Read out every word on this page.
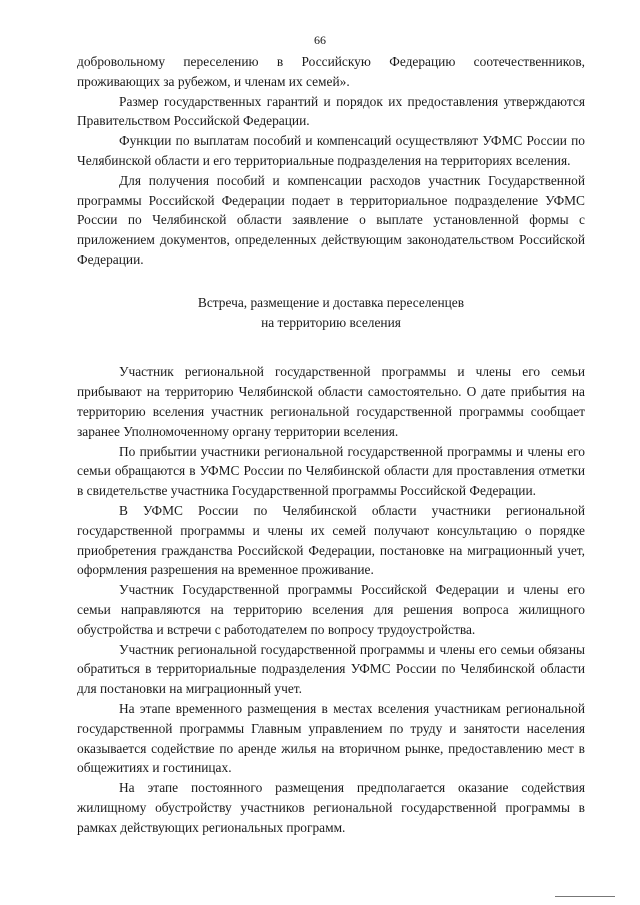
66

добровольному переселению в Российскую Федерацию соотечественников, проживающих за рубежом, и членам их семей».

Размер государственных гарантий и порядок их предоставления утверждаются Правительством Российской Федерации.

Функции по выплатам пособий и компенсаций осуществляют УФМС России по Челябинской области и его территориальные подразделения на территориях вселения.

Для получения пособий и компенсации расходов участник Государственной программы Российской Федерации подает в территориальное подразделение УФМС России по Челябинской области заявление о выплате установленной формы с приложением документов, определенных действующим законодательством Российской Федерации.

Встреча, размещение и доставка переселенцев
на территорию вселения

Участник региональной государственной программы и члены его семьи прибывают на территорию Челябинской области самостоятельно. О дате прибытия на территорию вселения участник региональной государственной программы сообщает заранее Уполномоченному органу территории вселения.

По прибытии участники региональной государственной программы и члены его семьи обращаются в УФМС России по Челябинской области для проставления отметки в свидетельстве участника Государственной программы Российской Федерации.

В УФМС России по Челябинской области участники региональной государственной программы и члены их семей получают консультацию о порядке приобретения гражданства Российской Федерации, постановке на миграционный учет, оформления разрешения на временное проживание.

Участник Государственной программы Российской Федерации и члены его семьи направляются на территорию вселения для решения вопроса жилищного обустройства и встречи с работодателем по вопросу трудоустройства.

Участник региональной государственной программы и члены его семьи обязаны обратиться в территориальные подразделения УФМС России по Челябинской области для постановки на миграционный учет.

На этапе временного размещения в местах вселения участникам региональной государственной программы Главным управлением по труду и занятости населения оказывается содействие по аренде жилья на вторичном рынке, предоставлению мест в общежитиях и гостиницах.

На этапе постоянного размещения предполагается оказание содействия жилищному обустройству участников региональной государственной программы в рамках действующих региональных программ.
